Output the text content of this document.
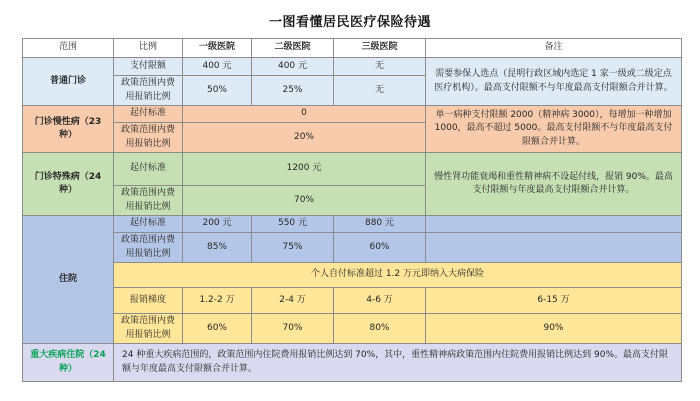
一图看懂居民医疗保险待遇
范围	比例	一级医院	二级医院	三级医院	备注
普通门诊	支付限额	400 元	400 元	无	需要参保人选点（昆明行政区域内选定 1 家一级或二级定点医疗机构）。最高支付限额不与年度最高支付限额合并计算。
	政策范围内费用报销比例	50%	25%	无	
门诊慢性病（23 种）	起付标准	0			单一病种支付限额 2000（精神病 3000），每增加一种增加 1000，最高不超过 5000。最高支付限额不与年度最高支付限额合并计算。
	政策范围内费用报销比例	20%			
门诊特殊病（24 种）	起付标准	1200 元			慢性肾功能衰竭和重性精神病不设起付线，报销 90%。最高支付限额与年度最高支付限额合并计算。
	政策范围内费用报销比例	70%			
住院	起付标准	200 元	550 元	880 元	
	政策范围内费用报销比例	85%	75%	60%	
	个人自付标准超过 1.2 万元即纳入大病保险				
	报销梯度	1.2-2 万	2-4 万	4-6 万	6-15 万
	政策范围内费用报销比例	60%	70%	80%	90%
重大疾病住院（24 种）	24 种重大疾病范围的，政策范围内住院费用报销比例达到 70%，其中，重性精神病政策范围内住院费用报销比例达到 90%。最高支付限额与年度最高支付限额合并计算。				
